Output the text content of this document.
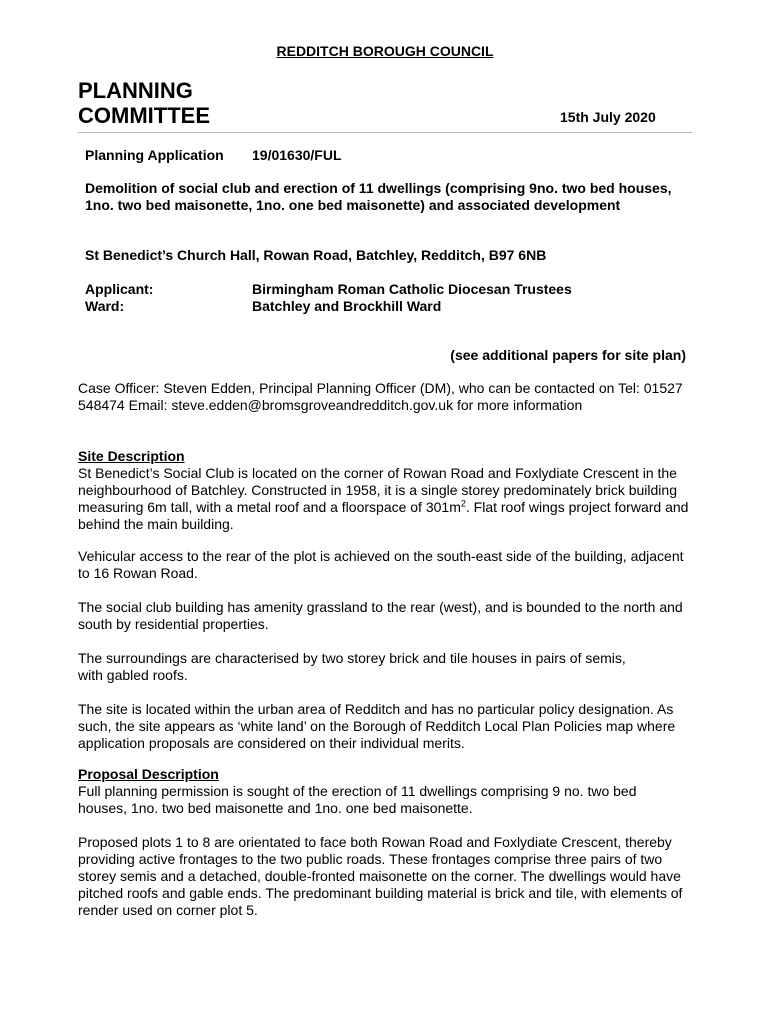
REDDITCH BOROUGH COUNCIL
PLANNING
COMMITTEE	15th July 2020
Planning Application 19/01630/FUL
Demolition of social club and erection of 11 dwellings (comprising 9no. two bed houses, 1no. two bed maisonette, 1no. one bed maisonette) and associated development
St Benedict’s Church Hall, Rowan Road, Batchley, Redditch, B97 6NB
Applicant:	Birmingham Roman Catholic Diocesan Trustees
Ward:	Batchley and Brockhill Ward
(see additional papers for site plan)
Case Officer: Steven Edden, Principal Planning Officer (DM), who can be contacted on Tel: 01527 548474 Email: steve.edden@bromsgroveandredditch.gov.uk for more information
Site Description
St Benedict’s Social Club is located on the corner of Rowan Road and Foxlydiate Crescent in the neighbourhood of Batchley. Constructed in 1958, it is a single storey predominately brick building measuring 6m tall, with a metal roof and a floorspace of $301m^2$. Flat roof wings project forward and behind the main building.
Vehicular access to the rear of the plot is achieved on the south-east side of the building, adjacent to 16 Rowan Road.
The social club building has amenity grassland to the rear (west), and is bounded to the north and south by residential properties.
The surroundings are characterised by two storey brick and tile houses in pairs of semis, with gabled roofs.
The site is located within the urban area of Redditch and has no particular policy designation. As such, the site appears as ‘white land’ on the Borough of Redditch Local Plan Policies map where application proposals are considered on their individual merits.
Proposal Description
Full planning permission is sought of the erection of 11 dwellings comprising 9 no. two bed houses, 1no. two bed maisonette and 1no. one bed maisonette.
Proposed plots 1 to 8 are orientated to face both Rowan Road and Foxlydiate Crescent, thereby providing active frontages to the two public roads. These frontages comprise three pairs of two storey semis and a detached, double-fronted maisonette on the corner. The dwellings would have pitched roofs and gable ends. The predominant building material is brick and tile, with elements of render used on corner plot 5.
